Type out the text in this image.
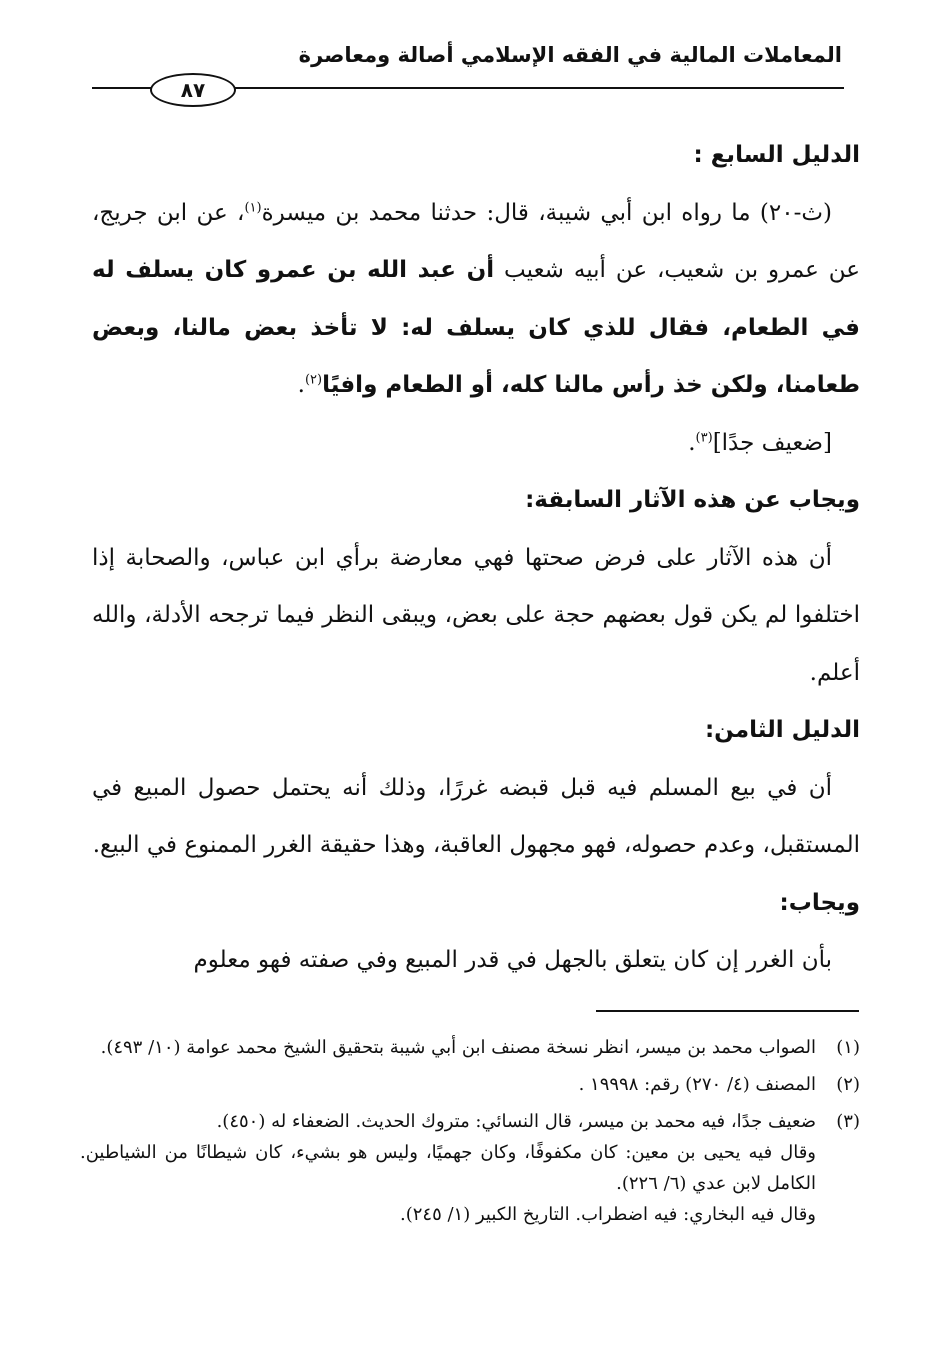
المعاملات المالية في الفقه الإسلامي أصالة ومعاصرة
٨٧

الدليل السابع :

(ث-٢٠) ما رواه ابن أبي شيبة، قال: حدثنا محمد بن ميسرة$^{(١)}$، عن ابن جريج، عن عمرو بن شعيب، عن أبيه شعيب أن عبد الله بن عمرو كان يسلف له في الطعام، فقال للذي كان يسلف له: لا تأخذ بعض مالنا، وبعض طعامنا، ولكن خذ رأس مالنا كله، أو الطعام وافيًا$^{(٢)}$.

[ضعيف جدًا]$^{(٣)}$.

ويجاب عن هذه الآثار السابقة:

أن هذه الآثار على فرض صحتها فهي معارضة برأي ابن عباس، والصحابة إذا اختلفوا لم يكن قول بعضهم حجة على بعض، ويبقى النظر فيما ترجحه الأدلة، والله أعلم.

الدليل الثامن:

أن في بيع المسلم فيه قبل قبضه غررًا، وذلك أنه يحتمل حصول المبيع في المستقبل، وعدم حصوله، فهو مجهول العاقبة، وهذا حقيقة الغرر الممنوع في البيع.

ويجاب:

بأن الغرر إن كان يتعلق بالجهل في قدر المبيع وفي صفته فهو معلوم

(١)

الصواب محمد بن ميسر، انظر نسخة مصنف ابن أبي شيبة بتحقيق الشيخ محمد عوامة (١٠/ ٤٩٣).

(٢)

المصنف (٤/ ٢٧٠) رقم: ١٩٩٩٨ .

(٣)

ضعيف جدًا، فيه محمد بن ميسر، قال النسائي: متروك الحديث. الضعفاء له (٤٥٠).

وقال فيه يحيى بن معين: كان مكفوفًا، وكان جهميًا، وليس هو بشيء، كان شيطانًا من الشياطين. الكامل لابن عدي (٦/ ٢٢٦).

وقال فيه البخاري: فيه اضطراب. التاريخ الكبير (١/ ٢٤٥).
